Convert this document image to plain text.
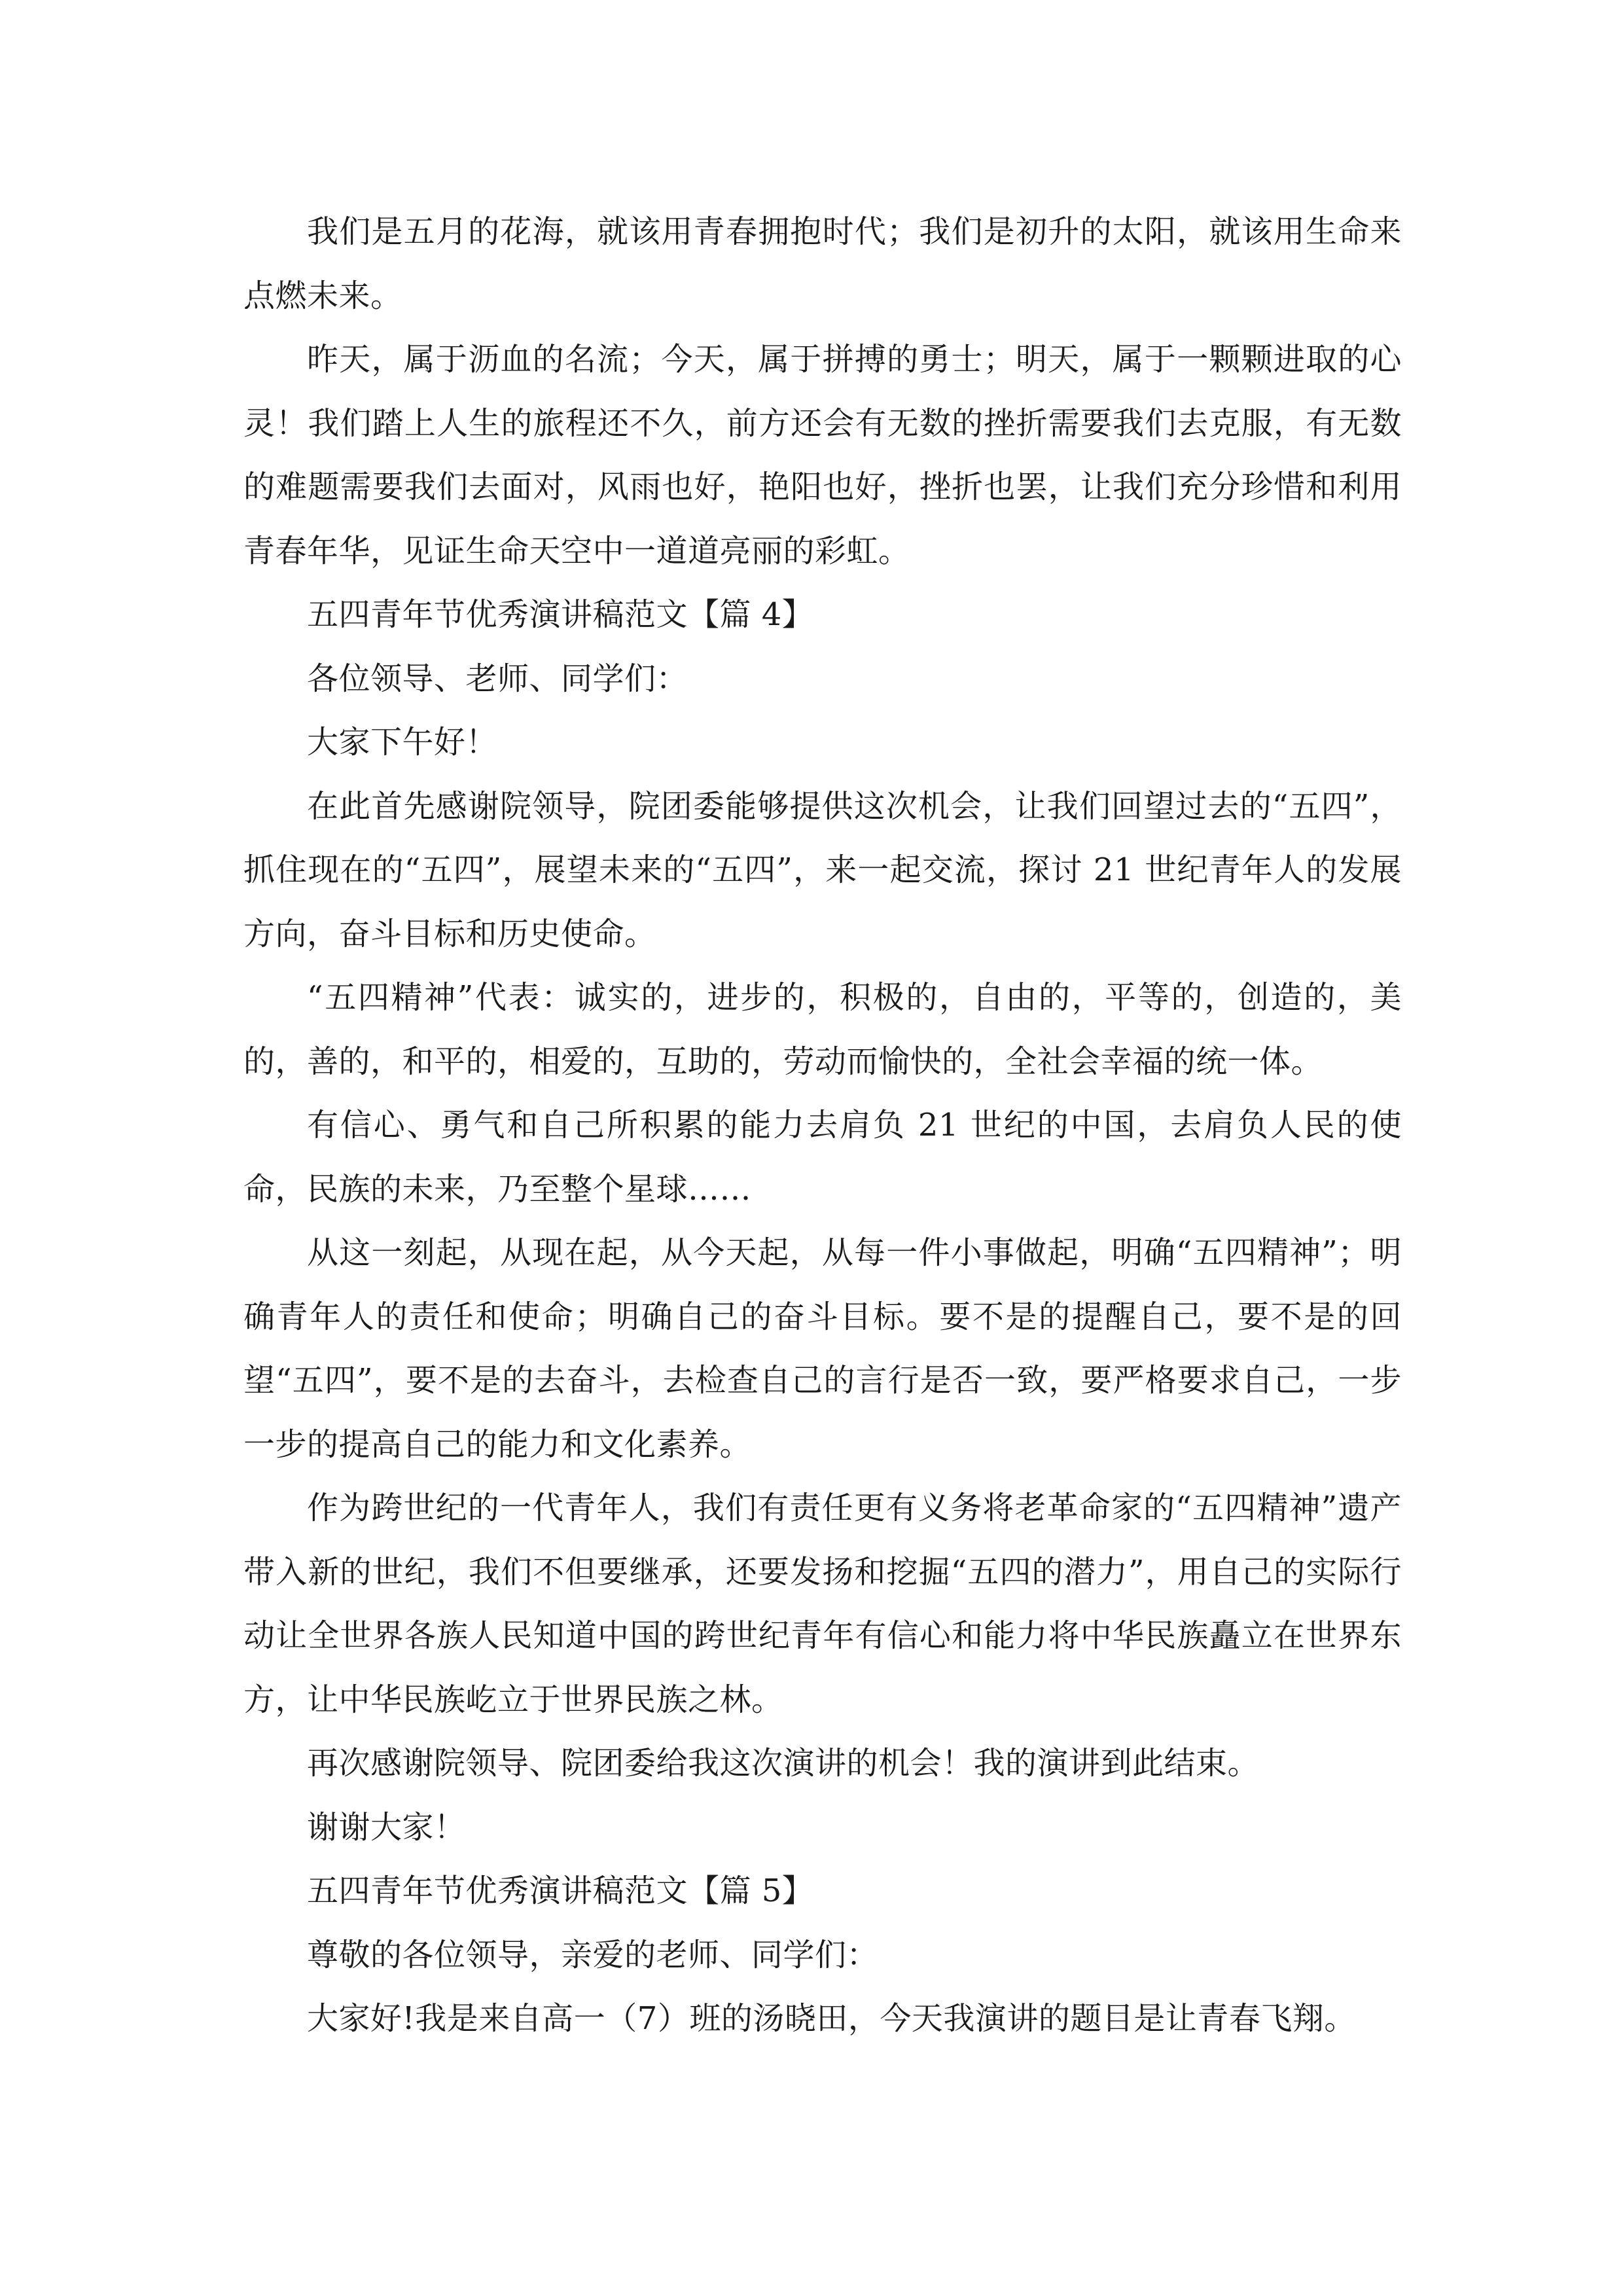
我们是五月的花海，就该用青春拥抱时代；我们是初升的太阳，就该用生命来点燃未来。

昨天，属于沥血的名流；今天，属于拼搏的勇士；明天，属于一颗颗进取的心灵！我们踏上人生的旅程还不久，前方还会有无数的挫折需要我们去克服，有无数的难题需要我们去面对，风雨也好，艳阳也好，挫折也罢，让我们充分珍惜和利用青春年华，见证生命天空中一道道亮丽的彩虹。

五四青年节优秀演讲稿范文【篇 4】

各位领导、老师、同学们：

大家下午好！

在此首先感谢院领导，院团委能够提供这次机会，让我们回望过去的“五四”，抓住现在的“五四”，展望未来的“五四”，来一起交流，探讨 21 世纪青年人的发展方向，奋斗目标和历史使命。

“五四精神”代表：诚实的，进步的，积极的，自由的，平等的，创造的，美的，善的，和平的，相爱的，互助的，劳动而愉快的，全社会幸福的统一体。

有信心、勇气和自己所积累的能力去肩负 21 世纪的中国，去肩负人民的使命，民族的未来，乃至整个星球……

从这一刻起，从现在起，从今天起，从每一件小事做起，明确“五四精神”；明确青年人的责任和使命；明确自己的奋斗目标。要不是的提醒自己，要不是的回望“五四”，要不是的去奋斗，去检查自己的言行是否一致，要严格要求自己，一步一步的提高自己的能力和文化素养。

作为跨世纪的一代青年人，我们有责任更有义务将老革命家的“五四精神”遗产带入新的世纪，我们不但要继承，还要发扬和挖掘“五四的潜力”，用自己的实际行动让全世界各族人民知道中国的跨世纪青年有信心和能力将中华民族矗立在世界东方，让中华民族屹立于世界民族之林。

再次感谢院领导、院团委给我这次演讲的机会！我的演讲到此结束。

谢谢大家！

五四青年节优秀演讲稿范文【篇 5】

尊敬的各位领导，亲爱的老师、同学们：

大家好!我是来自高一（7）班的汤晓田，今天我演讲的题目是让青春飞翔。
